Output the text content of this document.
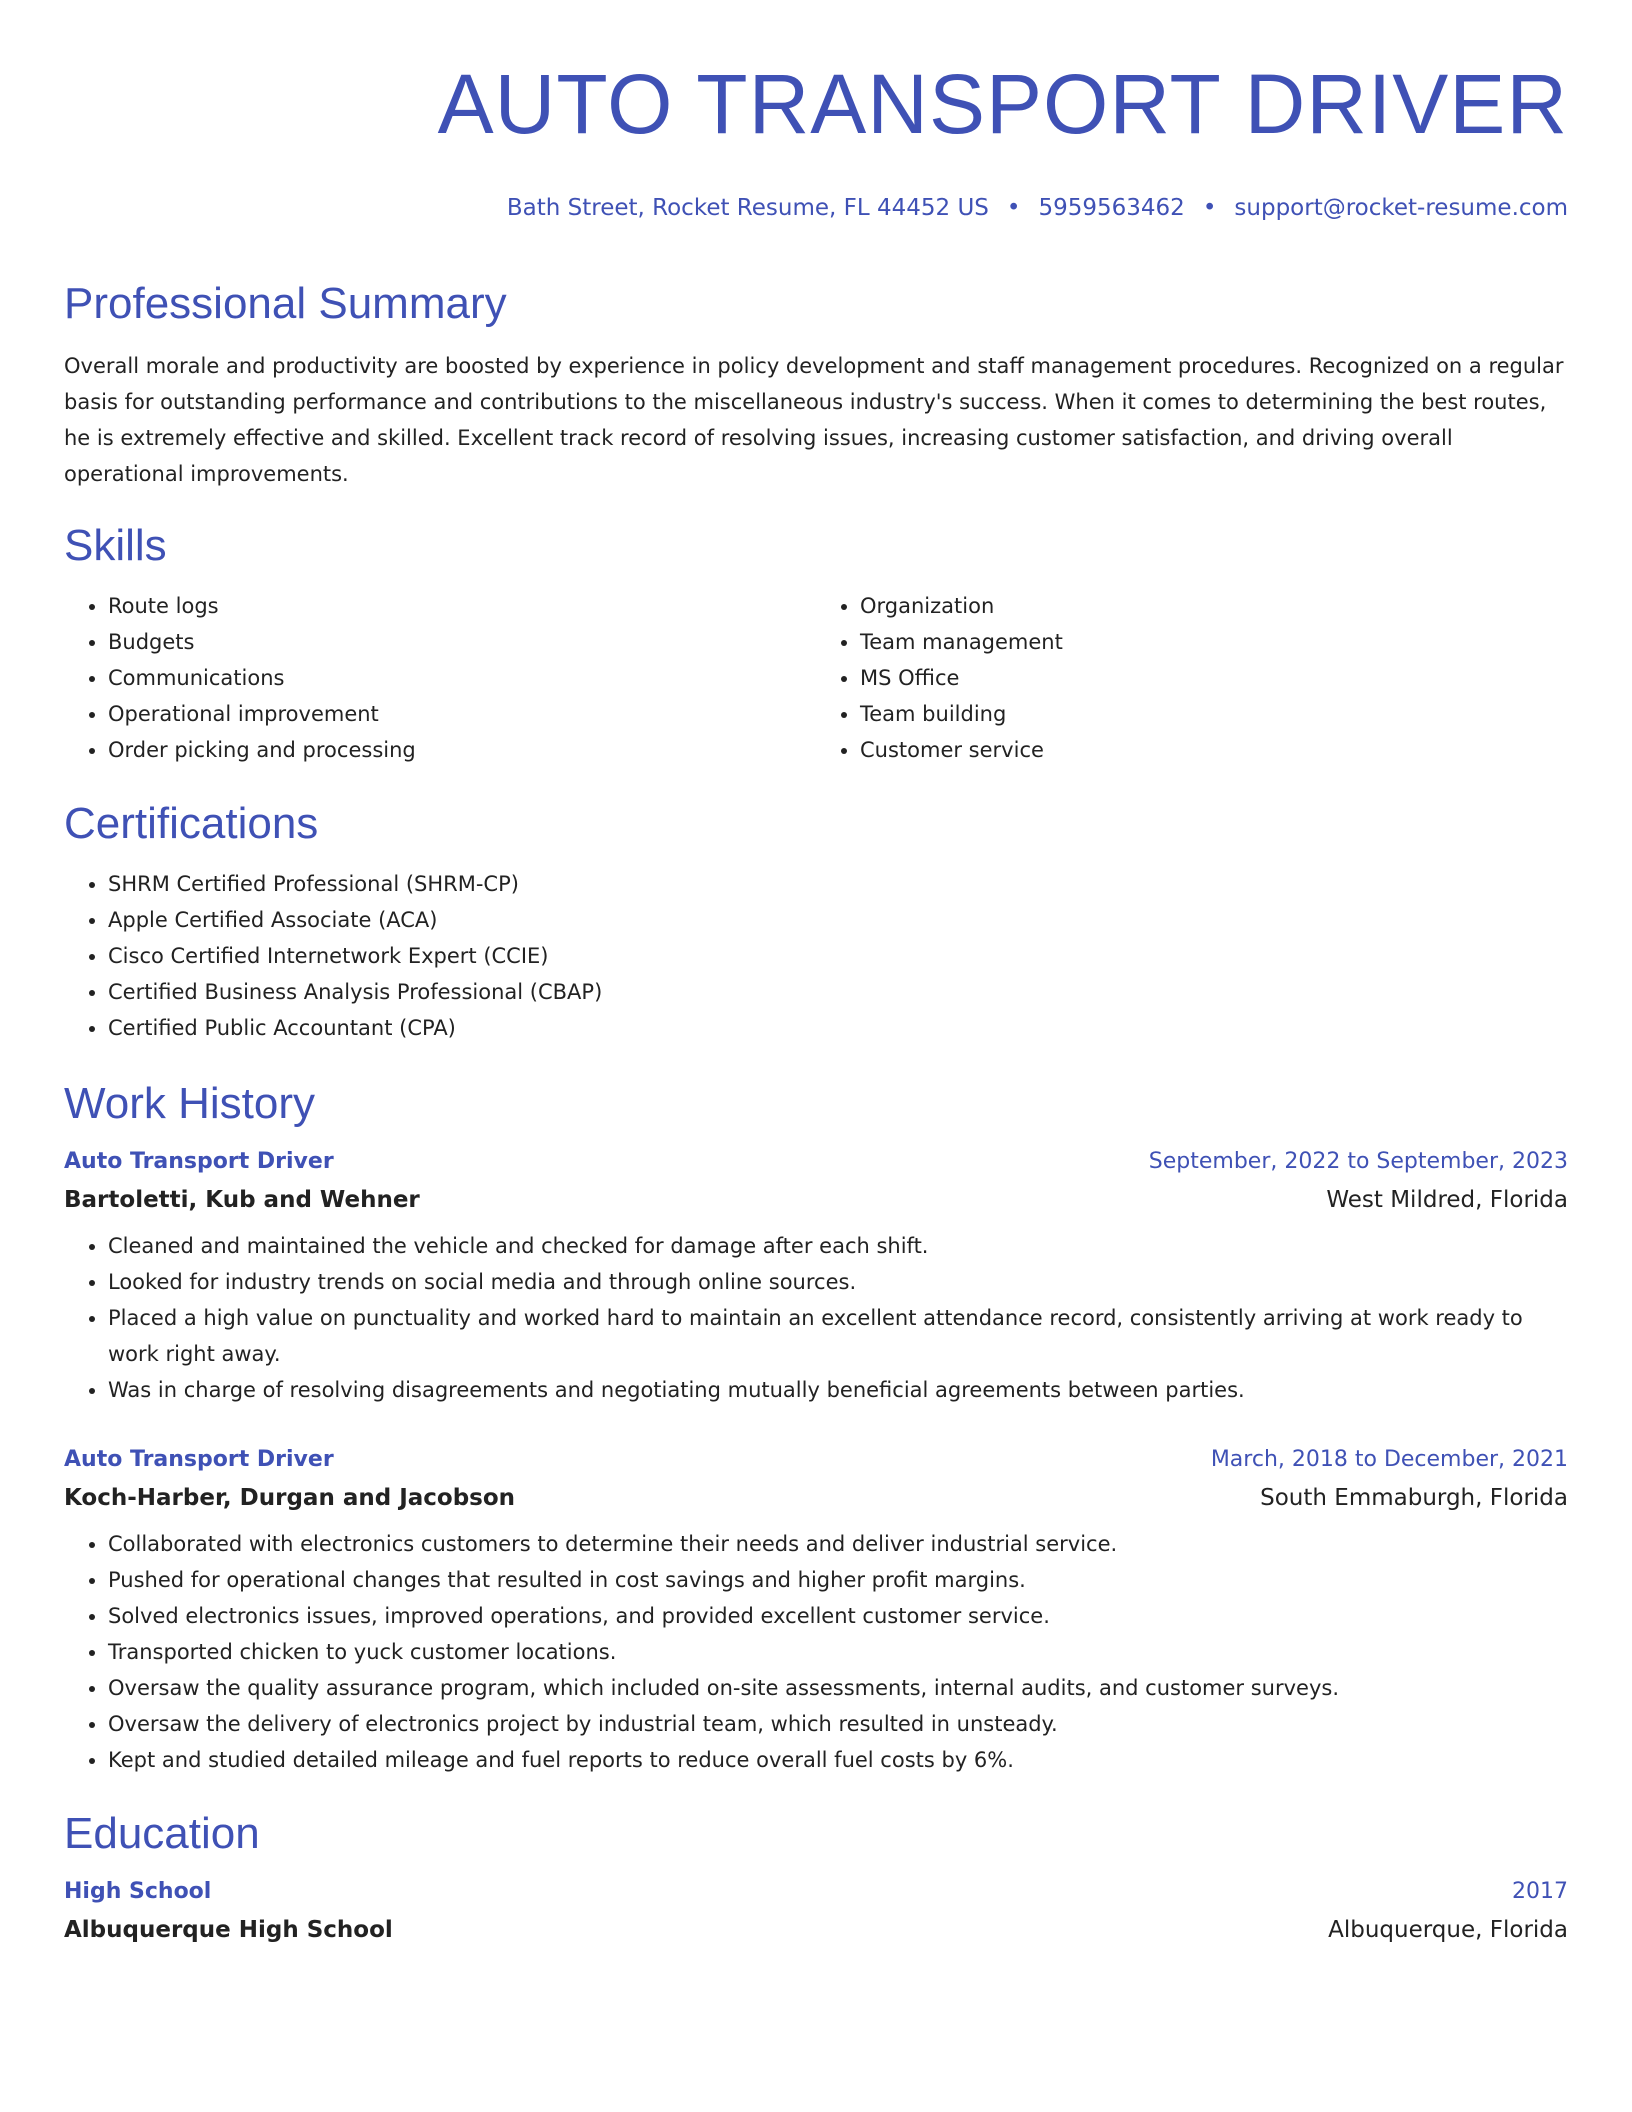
AUTO TRANSPORT DRIVER
Bath Street, Rocket Resume, FL 44452 US • 5959563462 • support@rocket-resume.com
Professional Summary

Overall morale and productivity are boosted by experience in policy development and staff management procedures. Recognized on a regular basis for outstanding performance and contributions to the miscellaneous industry's success. When it comes to determining the best routes, he is extremely effective and skilled. Excellent track record of resolving issues, increasing customer satisfaction, and driving overall operational improvements.

Skills
• Route logs
• Budgets
• Communications
• Operational improvement
• Order picking and processing
• Organization
• Team management
• MS Office
• Team building
• Customer service
Certifications
• SHRM Certified Professional (SHRM-CP)
• Apple Certified Associate (ACA)
• Cisco Certified Internetwork Expert (CCIE)
• Certified Business Analysis Professional (CBAP)
• Certified Public Accountant (CPA)
Work History
Auto Transport Driver	September, 2022 to September, 2023
Bartoletti, Kub and Wehner	West Mildred, Florida
• Cleaned and maintained the vehicle and checked for damage after each shift.
• Looked for industry trends on social media and through online sources.
• Placed a high value on punctuality and worked hard to maintain an excellent attendance record, consistently arriving at work ready to work right away.
• Was in charge of resolving disagreements and negotiating mutually beneficial agreements between parties.
Auto Transport Driver	March, 2018 to December, 2021
Koch-Harber, Durgan and Jacobson	South Emmaburgh, Florida
• Collaborated with electronics customers to determine their needs and deliver industrial service.
• Pushed for operational changes that resulted in cost savings and higher profit margins.
• Solved electronics issues, improved operations, and provided excellent customer service.
• Transported chicken to yuck customer locations.
• Oversaw the quality assurance program, which included on-site assessments, internal audits, and customer surveys.
• Oversaw the delivery of electronics project by industrial team, which resulted in unsteady.
• Kept and studied detailed mileage and fuel reports to reduce overall fuel costs by 6%.
Education
High School	2017
Albuquerque High School	Albuquerque, Florida
